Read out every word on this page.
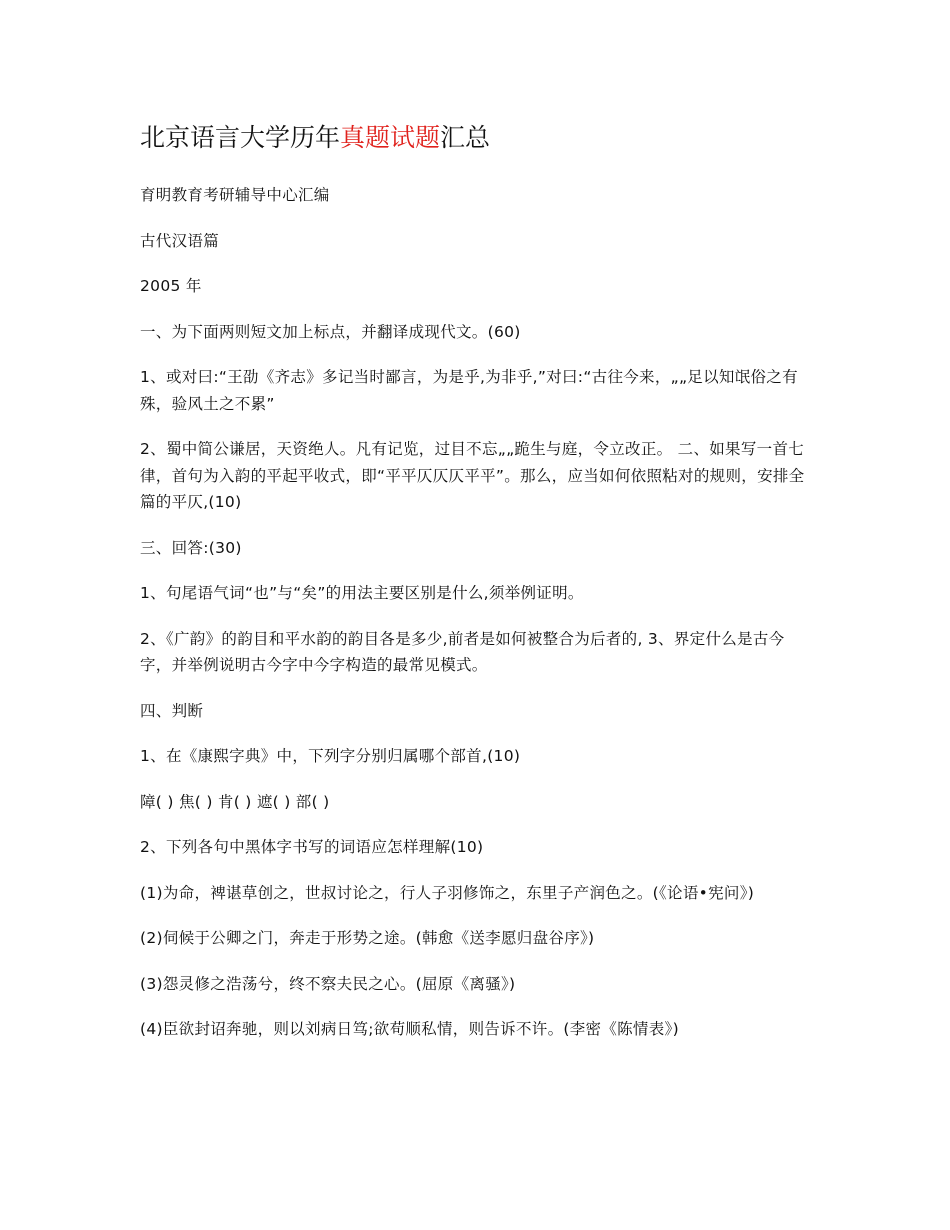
北京语言大学历年真题试题汇总

育明教育考研辅导中心汇编

古代汉语篇

2005 年

一、为下面两则短文加上标点，并翻译成现代文。(60)

1、或对曰:“王劭《齐志》多记当时鄙言，为是乎,为非乎,”对曰:“古往今来，„„足以知氓俗之有殊，验风土之不累”

2、蜀中简公谦居，天资绝人。凡有记览，过目不忘„„跪生与庭，令立改正。 二、如果写一首七律，首句为入韵的平起平收式，即“平平仄仄仄平平”。那么，应当如何依照粘对的规则，安排全篇的平仄,(10)

三、回答:(30)

1、句尾语气词“也”与“矣”的用法主要区别是什么,须举例证明。

2、《广韵》的韵目和平水韵的韵目各是多少,前者是如何被整合为后者的, 3、界定什么是古今字，并举例说明古今字中今字构造的最常见模式。

四、判断

1、在《康熙字典》中，下列字分别归属哪个部首,(10)

障( ) 焦( ) 肯( ) 遮( ) 部( )

2、下列各句中黑体字书写的词语应怎样理解(10)

(1)为命，裨谌草创之，世叔讨论之，行人子羽修饰之，东里子产润色之。(《论语•宪问》)

(2)伺候于公卿之门，奔走于形势之途。(韩愈《送李愿归盘谷序》)

(3)怨灵修之浩荡兮，终不察夫民之心。(屈原《离骚》)

(4)臣欲封诏奔驰，则以刘病日笃;欲苟顺私情，则告诉不许。(李密《陈情表》)
